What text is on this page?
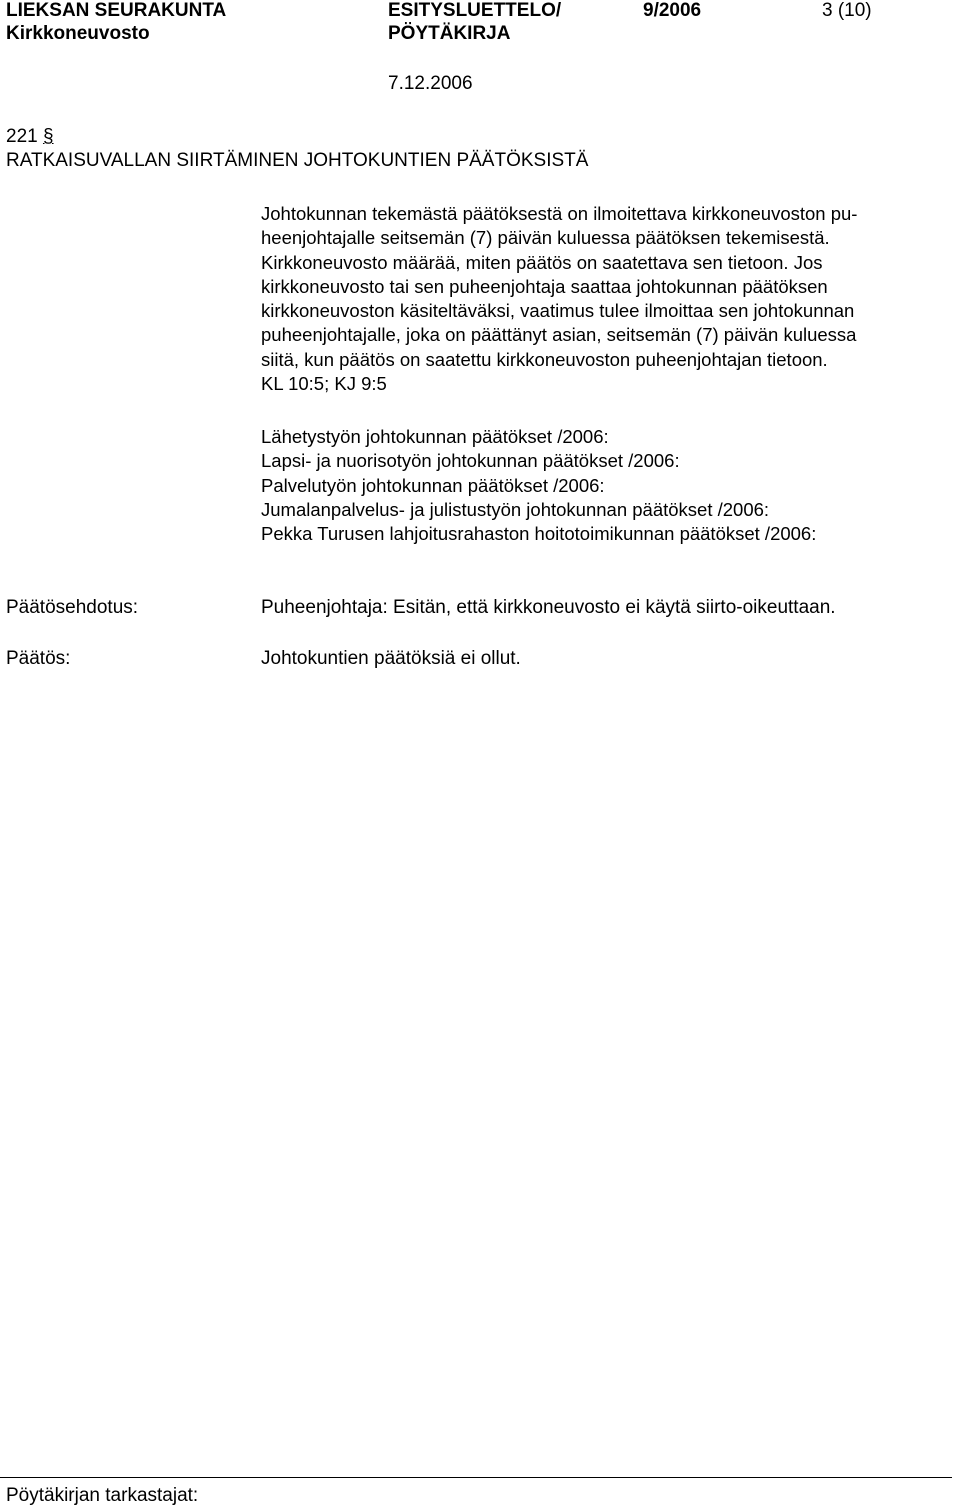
LIEKSAN SEURAKUNTA
Kirkkoneuvosto
ESITYSLUETTELO/
PÖYTÄKIRJA
9/2006	3 (10)
7.12.2006
221 §
RATKAISUVALLAN SIIRTÄMINEN JOHTOKUNTIEN PÄÄTÖKSISTÄ
Johtokunnan tekemästä päätöksestä on ilmoitettava kirkkoneuvoston pu-
heenjohtajalle seitsemän (7) päivän kuluessa päätöksen tekemisestä.
Kirkkoneuvosto määrää, miten päätös on saatettava sen tietoon. Jos
kirkkoneuvosto tai sen puheenjohtaja saattaa johtokunnan päätöksen
kirkkoneuvoston käsiteltäväksi, vaatimus tulee ilmoittaa sen johtokunnan
puheenjohtajalle, joka on päättänyt asian, seitsemän (7) päivän kuluessa
siitä, kun päätös on saatettu kirkkoneuvoston puheenjohtajan tietoon.
KL 10:5; KJ 9:5
Lähetystyön johtokunnan päätökset /2006:
Lapsi- ja nuorisotyön johtokunnan päätökset /2006:
Palvelutyön johtokunnan päätökset /2006:
Jumalanpalvelus- ja julistustyön johtokunnan päätökset /2006:
Pekka Turusen lahjoitusrahaston hoitotoimikunnan päätökset /2006:
Päätösehdotus:	Puheenjohtaja: Esitän, että kirkkoneuvosto ei käytä siirto-oikeuttaan.
Päätös:	Johtokuntien päätöksiä ei ollut.
Pöytäkirjan tarkastajat:
